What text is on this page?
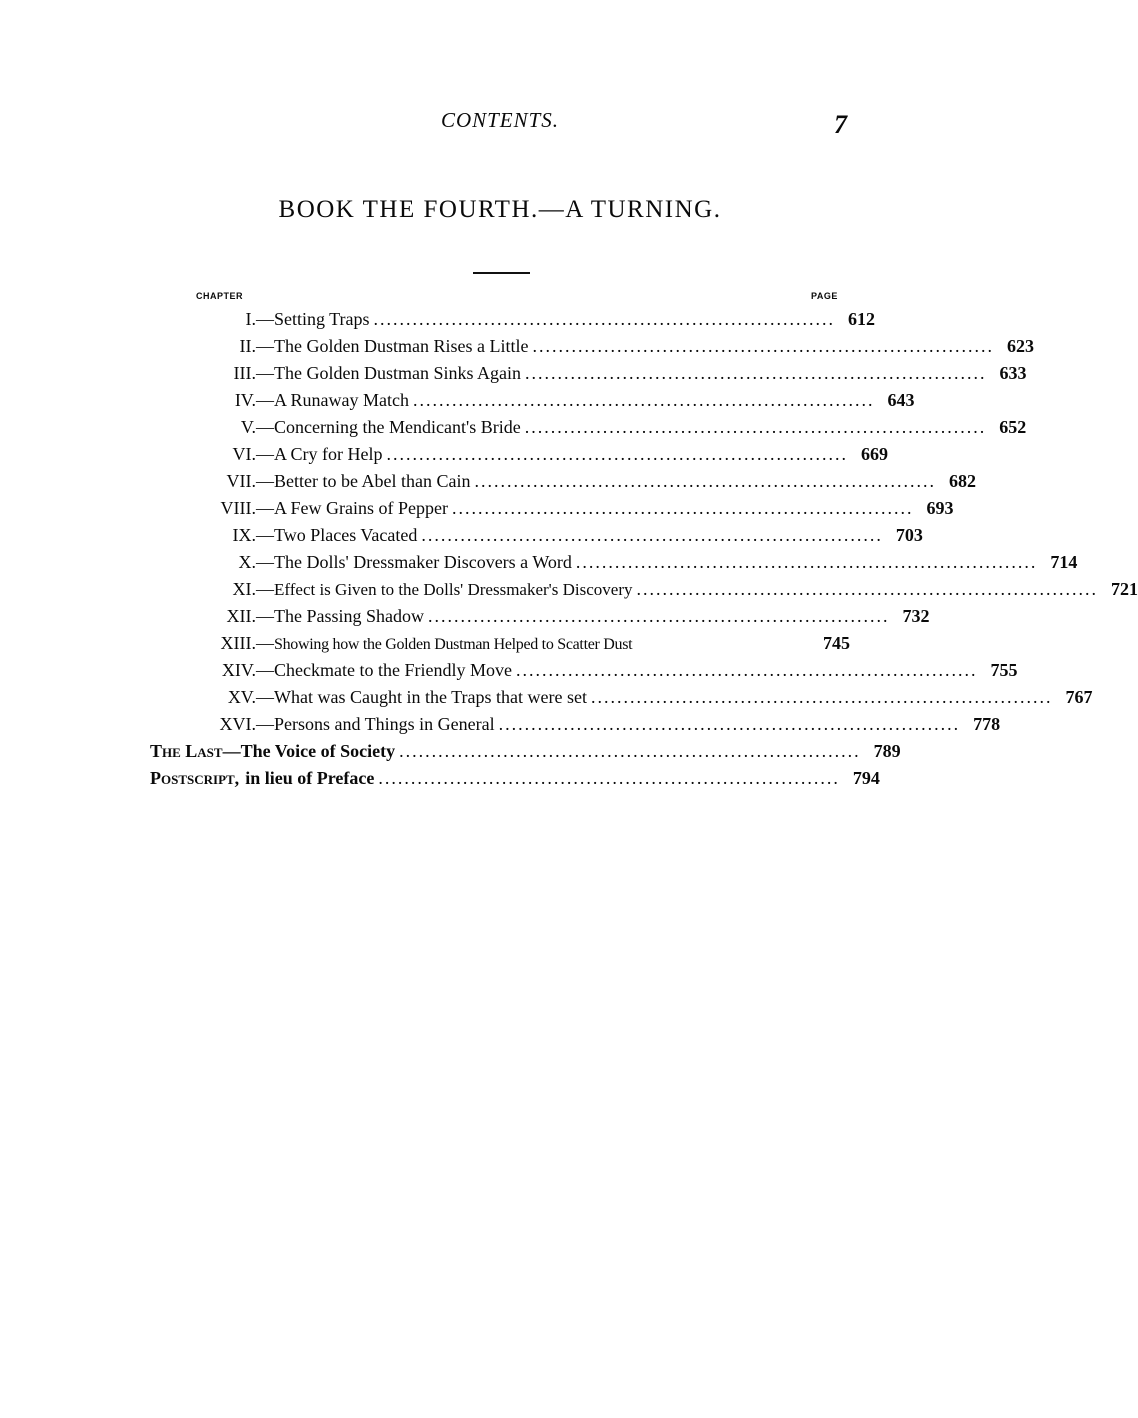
CONTENTS.	7
BOOK THE FOURTH.—A TURNING.
CHAPTER	PAGE
I.— Setting Traps ....................................................................... 612
II.— The Golden Dustman Rises a Little ....................................................................... 623
III.— The Golden Dustman Sinks Again ....................................................................... 633
IV.— A Runaway Match ....................................................................... 643
V.— Concerning the Mendicant's Bride ....................................................................... 652
VI.— A Cry for Help ....................................................................... 669
VII.— Better to be Abel than Cain ....................................................................... 682
VIII.— A Few Grains of Pepper ....................................................................... 693
IX.— Two Places Vacated ....................................................................... 703
X.— The Dolls' Dressmaker Discovers a Word ....................................................................... 714
XI.— Effect is Given to the Dolls' Dressmaker's Discovery ....................................................................... 721
XII.— The Passing Shadow ....................................................................... 732
XIII.— Showing how the Golden Dustman Helped to Scatter Dust	745
XIV.— Checkmate to the Friendly Move ....................................................................... 755
XV.— What was Caught in the Traps that were set ....................................................................... 767
XVI.— Persons and Things in General ....................................................................... 778
The Last— The Voice of Society ....................................................................... 789
Postscript, in lieu of Preface ....................................................................... 794
